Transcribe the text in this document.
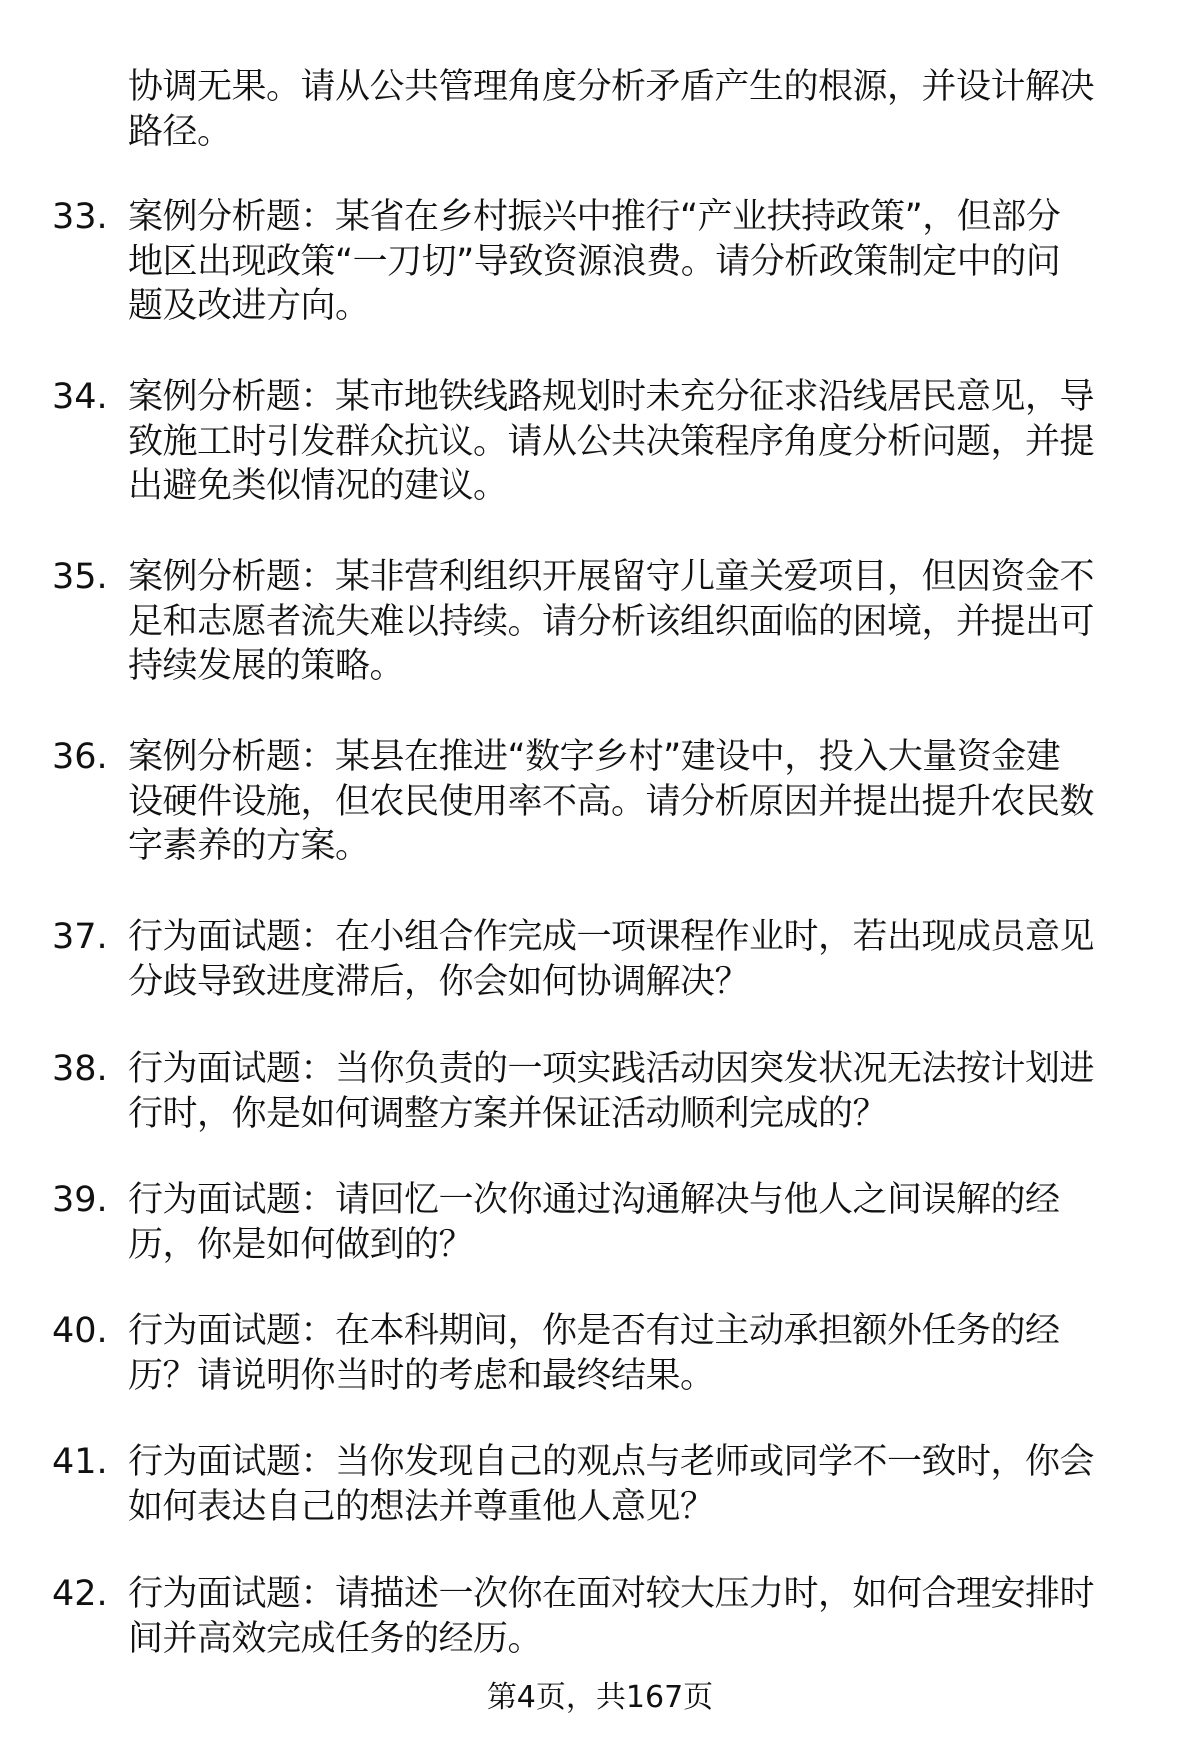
协调无果。请从公共管理角度分析矛盾产生的根源，并设计解决
路径。
33. 案例分析题：某省在乡村振兴中推行“产业扶持政策”，但部分
地区出现政策“一刀切”导致资源浪费。请分析政策制定中的问
题及改进方向。
34. 案例分析题：某市地铁线路规划时未充分征求沿线居民意见，导
致施工时引发群众抗议。请从公共决策程序角度分析问题，并提
出避免类似情况的建议。
35. 案例分析题：某非营利组织开展留守儿童关爱项目，但因资金不
足和志愿者流失难以持续。请分析该组织面临的困境，并提出可
持续发展的策略。
36. 案例分析题：某县在推进“数字乡村”建设中，投入大量资金建
设硬件设施，但农民使用率不高。请分析原因并提出提升农民数
字素养的方案。
37. 行为面试题：在小组合作完成一项课程作业时，若出现成员意见
分歧导致进度滞后，你会如何协调解决？
38. 行为面试题：当你负责的一项实践活动因突发状况无法按计划进
行时，你是如何调整方案并保证活动顺利完成的？
39. 行为面试题：请回忆一次你通过沟通解决与他人之间误解的经
历，你是如何做到的？
40. 行为面试题：在本科期间，你是否有过主动承担额外任务的经
历？请说明你当时的考虑和最终结果。
41. 行为面试题：当你发现自己的观点与老师或同学不一致时，你会
如何表达自己的想法并尊重他人意见？
42. 行为面试题：请描述一次你在面对较大压力时，如何合理安排时
间并高效完成任务的经历。
第4页，共167页
